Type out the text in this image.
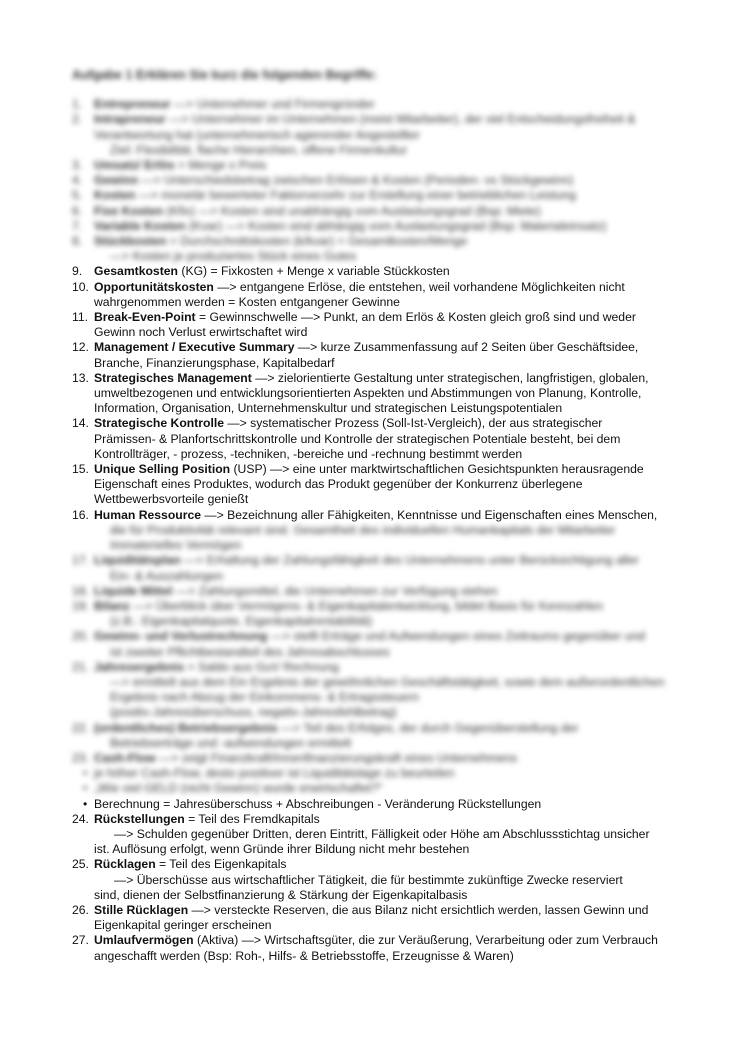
Aufgabe 1 Erklären Sie kurz die folgenden Begriffe:
1. Entrepreneur —> Unternehmer und Firmengründer
2. Intrapreneur —> Unternehmer im Unternehmen (meist Mitarbeiter), der viel Entscheidungsfreiheit & Verantwortung hat (unternehmerisch agierender Angestellter
Ziel: Flexibilität, flache Hierarchien, offene Firmenkultur
3. Umsatz/ Erlös = Menge x Preis
4. Gewinn —> Unterschiedsbetrag zwischen Erlösen & Kosten (Perioden- vs Stückgewinn)
5. Kosten —> monetär bewerteter Faktorverzehr zur Erstellung einer betrieblichen Leistung
6. Fixe Kosten (Kfix) —> Kosten sind unabhängig vom Auslastungsgrad (Bsp: Miete)
7. Variable Kosten (Kvar) —> Kosten sind abhängig vom Auslastungsgrad (Bsp: Materialeinsatz)
8. Stückkosten = Durchschnittskosten (k/kvar) = Gesamtkosten/Menge
—> Kosten je produziertes Stück eines Gutes
9. Gesamtkosten (KG) = Fixkosten + Menge x variable Stückkosten
10. Opportunitätskosten —> entgangene Erlöse, die entstehen, weil vorhandene Möglichkeiten nicht
wahrgenommen werden = Kosten entgangener Gewinne
11. Break-Even-Point = Gewinnschwelle —> Punkt, an dem Erlös & Kosten gleich groß sind und weder
Gewinn noch Verlust erwirtschaftet wird
12. Management / Executive Summary —> kurze Zusammenfassung auf 2 Seiten über Geschäftsidee,
Branche, Finanzierungsphase, Kapitalbedarf
13. Strategisches Management —> zielorientierte Gestaltung unter strategischen, langfristigen, globalen,
umweltbezogenen und entwicklungsorientierten Aspekten und Abstimmungen von Planung, Kontrolle,
Information, Organisation, Unternehmenskultur und strategischen Leistungspotentialen
14. Strategische Kontrolle —> systematischer Prozess (Soll-Ist-Vergleich), der aus strategischer
Prämissen- & Planfortschrittskontrolle und Kontrolle der strategischen Potentiale besteht, bei dem
Kontrollträger, - prozess, -techniken, -bereiche und -rechnung bestimmt werden
15. Unique Selling Position (USP) —> eine unter marktwirtschaftlichen Gesichtspunkten herausragende
Eigenschaft eines Produktes, wodurch das Produkt gegenüber der Konkurrenz überlegene
Wettbewerbsvorteile genießt
16. Human Ressource —> Bezeichnung aller Fähigkeiten, Kenntnisse und Eigenschaften eines Menschen,
die für Produktivität relevant sind. Gesamtheit des individuellen Humankapitals der Mitarbeiter
Immaterielles Vermögen
17. Liquiditätsplan —> Erhaltung der Zahlungsfähigkeit des Unternehmens unter Berücksichtigung aller
Ein- & Auszahlungen
18. Liquide Mittel —> Zahlungsmittel, die Unternehmen zur Verfügung stehen
19. Bilanz —> Überblick über Vermögens- & Eigenkapitalentwicklung, bildet Basis für Kennzahlen
(z.B.: Eigenkapitalquote, Eigenkapitalrentabilität)
20. Gewinn- und Verlustrechnung —> stellt Erträge und Aufwendungen eines Zeitraums gegenüber und
ist zweiter Pflichtbestandteil des Jahresabschlusses
21. Jahresergebnis = Saldo aus GuV Rechnung
—> ermittelt aus dem Ein Ergebnis der gewöhnlichen Geschäftstätigkeit, sowie dem außerordentlichen
Ergebnis nach Abzug der Einkommens- & Ertragssteuern
(positiv-Jahresüberschuss, negativ-Jahresfehlbetrag)
22. (ordentliches) Betriebsergebnis —> Teil des Erfolges, der durch Gegenüberstellung der
Betriebserträge und -aufwendungen ermittelt
23. Cash-Flow —> zeigt Finanzkraft/Innenfinanzierungskraft eines Unternehmens
• je höher Cash-Flow, desto positiver ist Liquiditätslage zu beurteilen
• „Wie viel GELD (nicht Gewinn) wurde erwirtschaftet?“
• Berechnung = Jahresüberschuss + Abschreibungen - Veränderung Rückstellungen
24. Rückstellungen = Teil des Fremdkapitals
—> Schulden gegenüber Dritten, deren Eintritt, Fälligkeit oder Höhe am Abschlussstichtag unsicher
ist. Auflösung erfolgt, wenn Gründe ihrer Bildung nicht mehr bestehen
25. Rücklagen = Teil des Eigenkapitals
—> Überschüsse aus wirtschaftlicher Tätigkeit, die für bestimmte zukünftige Zwecke reserviert
sind, dienen der Selbstfinanzierung & Stärkung der Eigenkapitalbasis
26. Stille Rücklagen —> versteckte Reserven, die aus Bilanz nicht ersichtlich werden, lassen Gewinn und
Eigenkapital geringer erscheinen
27. Umlaufvermögen (Aktiva) —> Wirtschaftsgüter, die zur Veräußerung, Verarbeitung oder zum Verbrauch
angeschafft werden (Bsp: Roh-, Hilfs- & Betriebsstoffe, Erzeugnisse & Waren)
